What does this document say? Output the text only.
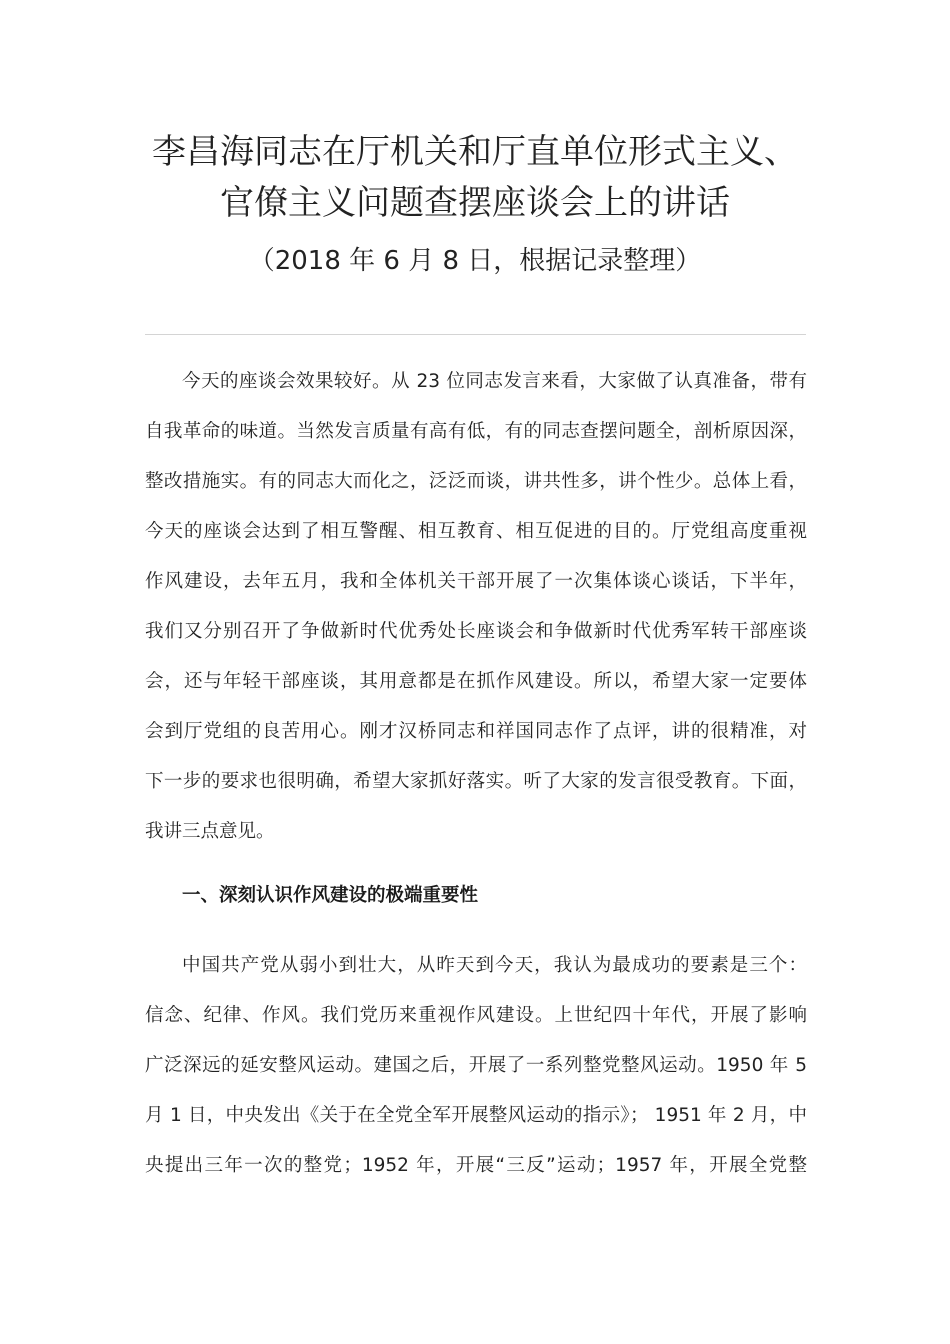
李昌海同志在厅机关和厅直单位形式主义、
官僚主义问题查摆座谈会上的讲话
（2018 年 6 月 8 日，根据记录整理）
今天的座谈会效果较好。从 23 位同志发言来看，大家做了认真准备，带有
自我革命的味道。当然发言质量有高有低，有的同志查摆问题全，剖析原因深，
整改措施实。有的同志大而化之，泛泛而谈，讲共性多，讲个性少。总体上看，
今天的座谈会达到了相互警醒、相互教育、相互促进的目的。厅党组高度重视
作风建设，去年五月，我和全体机关干部开展了一次集体谈心谈话，下半年，
我们又分别召开了争做新时代优秀处长座谈会和争做新时代优秀军转干部座谈
会，还与年轻干部座谈，其用意都是在抓作风建设。所以，希望大家一定要体
会到厅党组的良苦用心。刚才汉桥同志和祥国同志作了点评，讲的很精准，对
下一步的要求也很明确，希望大家抓好落实。听了大家的发言很受教育。下面，
我讲三点意见。
一、深刻认识作风建设的极端重要性
中国共产党从弱小到壮大，从昨天到今天，我认为最成功的要素是三个：
信念、纪律、作风。我们党历来重视作风建设。上世纪四十年代，开展了影响
广泛深远的延安整风运动。建国之后，开展了一系列整党整风运动。1950 年 5
月 1 日，中央发出《关于在全党全军开展整风运动的指示》； 1951 年 2 月，中
央提出三年一次的整党；1952 年，开展“三反”运动；1957 年，开展全党整
